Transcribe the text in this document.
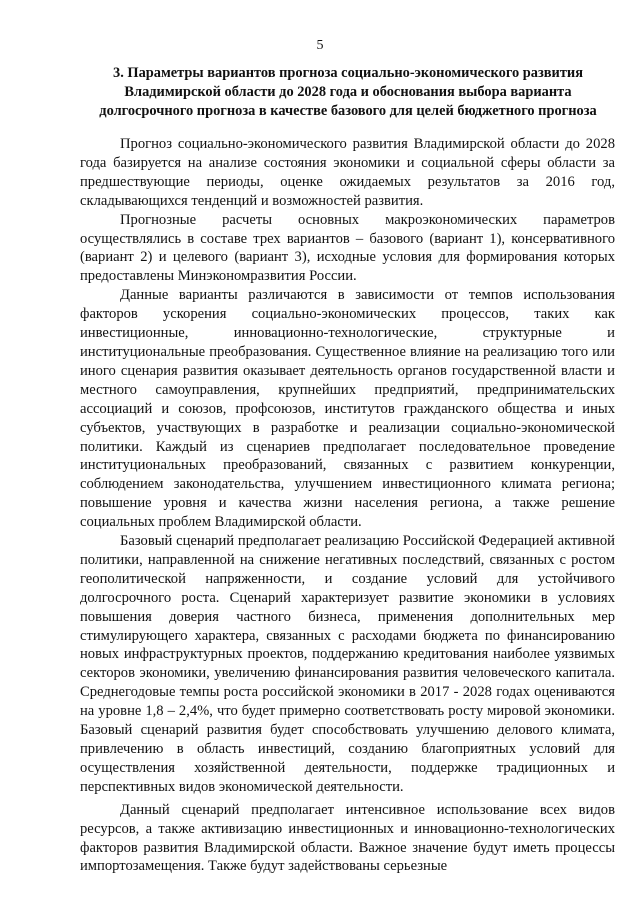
5
3. Параметры вариантов прогноза социально-экономического развития Владимирской области до 2028 года и обоснования выбора варианта долгосрочного прогноза в качестве базового для целей бюджетного прогноза

Прогноз социально-экономического развития Владимирской области до 2028 года базируется на анализе состояния экономики и социальной сферы области за предшествующие периоды, оценке ожидаемых результатов за 2016 год, складывающихся тенденций и возможностей развития.

Прогнозные расчеты основных макроэкономических параметров осуществлялись в составе трех вариантов – базового (вариант 1), консервативного (вариант 2) и целевого (вариант 3), исходные условия для формирования которых предоставлены Минэкономразвития России.

Данные варианты различаются в зависимости от темпов использования факторов ускорения социально-экономических процессов, таких как инвестиционные, инновационно-технологические, структурные и институциональные преобразования. Существенное влияние на реализацию того или иного сценария развития оказывает деятельность органов государственной власти и местного самоуправления, крупнейших предприятий, предпринимательских ассоциаций и союзов, профсоюзов, институтов гражданского общества и иных субъектов, участвующих в разработке и реализации социально-экономической политики. Каждый из сценариев предполагает последовательное проведение институциональных преобразований, связанных с развитием конкуренции, соблюдением законодательства, улучшением инвестиционного климата региона; повышение уровня и качества жизни населения региона, а также решение социальных проблем Владимирской области.

Базовый сценарий предполагает реализацию Российской Федерацией активной политики, направленной на снижение негативных последствий, связанных с ростом геополитической напряженности, и создание условий для устойчивого долгосрочного роста. Сценарий характеризует развитие экономики в условиях повышения доверия частного бизнеса, применения дополнительных мер стимулирующего характера, связанных с расходами бюджета по финансированию новых инфраструктурных проектов, поддержанию кредитования наиболее уязвимых секторов экономики, увеличению финансирования развития человеческого капитала. Среднегодовые темпы роста российской экономики в 2017 - 2028 годах оцениваются на уровне 1,8 – 2,4%, что будет примерно соответствовать росту мировой экономики. Базовый сценарий развития будет способствовать улучшению делового климата, привлечению в область инвестиций, созданию благоприятных условий для осуществления хозяйственной деятельности, поддержке традиционных и перспективных видов экономической деятельности.

Данный сценарий предполагает интенсивное использование всех видов ресурсов, а также активизацию инвестиционных и инновационно-технологических факторов развития Владимирской области. Важное значение будут иметь процессы импортозамещения. Также будут задействованы серьезные
